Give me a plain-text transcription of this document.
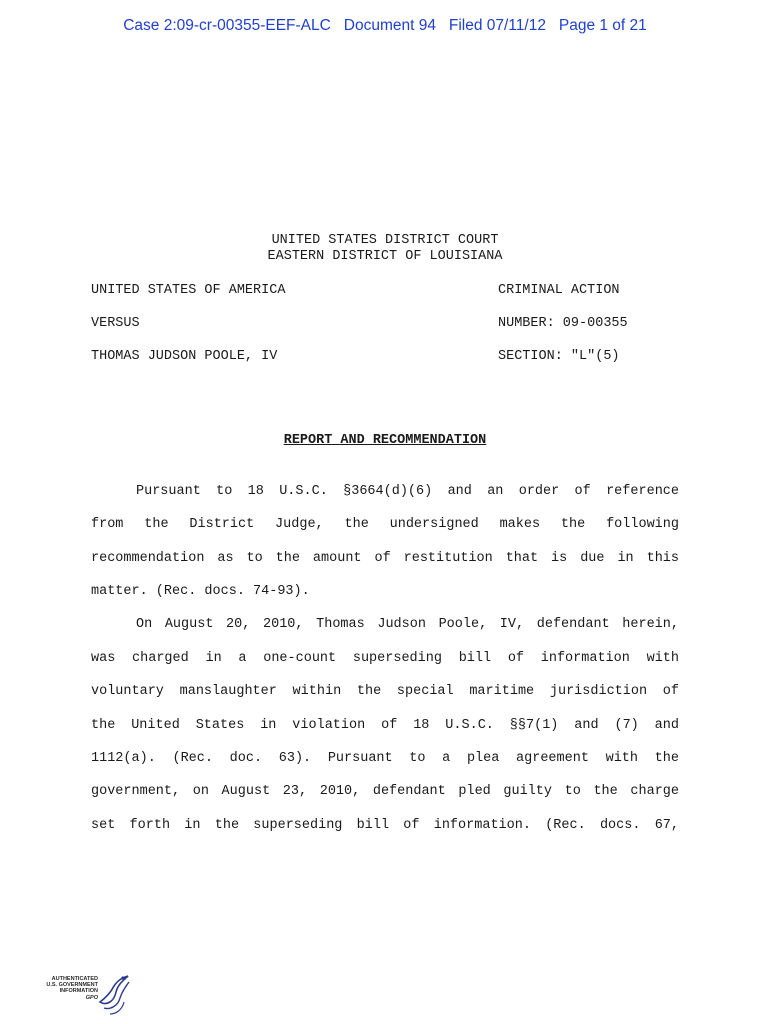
Case 2:09-cr-00355-EEF-ALC   Document 94   Filed 07/11/12   Page 1 of 21
UNITED STATES DISTRICT COURT
EASTERN DISTRICT OF LOUISIANA
UNITED STATES OF AMERICA
VERSUS
THOMAS JUDSON POOLE, IV
CRIMINAL ACTION
NUMBER: 09-00355
SECTION: "L"(5)
REPORT AND RECOMMENDATION
Pursuant to 18 U.S.C. §3664(d)(6) and an order of reference
from the District Judge, the undersigned makes the following
recommendation as to the amount of restitution that is due in this
matter. (Rec. docs. 74-93).
On August 20, 2010, Thomas Judson Poole, IV, defendant herein,
was charged in a one-count superseding bill of information with
voluntary manslaughter within the special maritime jurisdiction of
the United States in violation of 18 U.S.C. §§7(1) and (7) and
1112(a). (Rec. doc. 63). Pursuant to a plea agreement with the
government, on August 23, 2010, defendant pled guilty to the charge
set forth in the superseding bill of information. (Rec. docs. 67,
AUTHENTICATED
U.S. GOVERNMENT
INFORMATION
GPO
